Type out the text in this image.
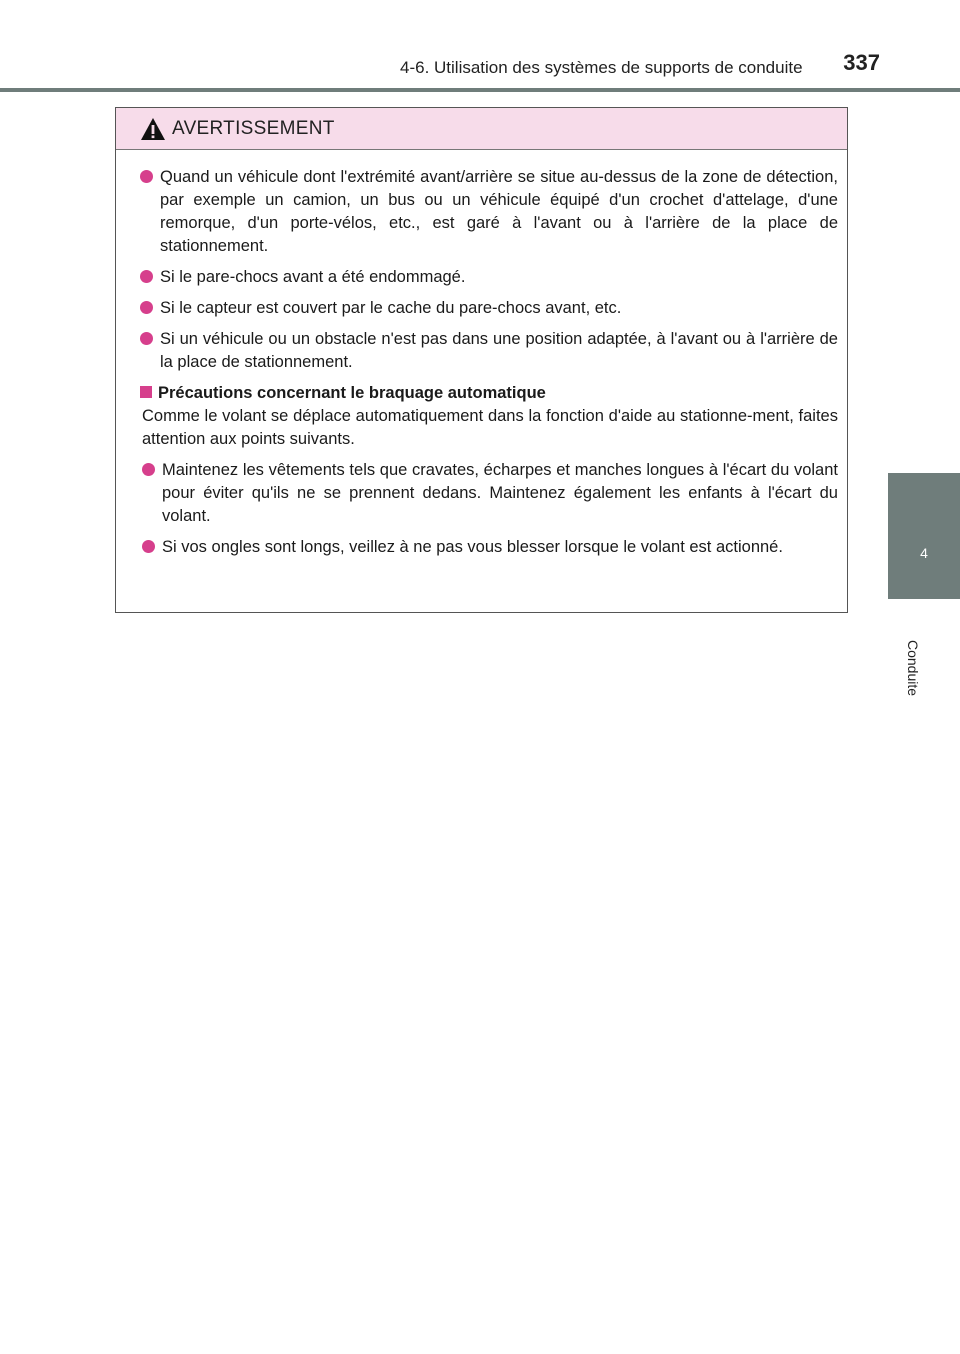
4-6. Utilisation des systèmes de supports de conduite	337
4
Conduite
AVERTISSEMENT
Quand un véhicule dont l'extrémité avant/arrière se situe au-dessus de la zone de détection, par exemple un camion, un bus ou un véhicule équipé d'un crochet d'attelage, d'une remorque, d'un porte-vélos, etc., est garé à l'avant ou à l'arrière de la place de stationnement.
Si le pare-chocs avant a été endommagé.
Si le capteur est couvert par le cache du pare-chocs avant, etc.
Si un véhicule ou un obstacle n'est pas dans une position adaptée, à l'avant ou à l'arrière de la place de stationnement.
Précautions concernant le braquage automatique
Comme le volant se déplace automatiquement dans la fonction d'aide au stationne-ment, faites attention aux points suivants.
Maintenez les vêtements tels que cravates, écharpes et manches longues à l'écart du volant pour éviter qu'ils ne se prennent dedans. Maintenez également les enfants à l'écart du volant.
Si vos ongles sont longs, veillez à ne pas vous blesser lorsque le volant est actionné.
